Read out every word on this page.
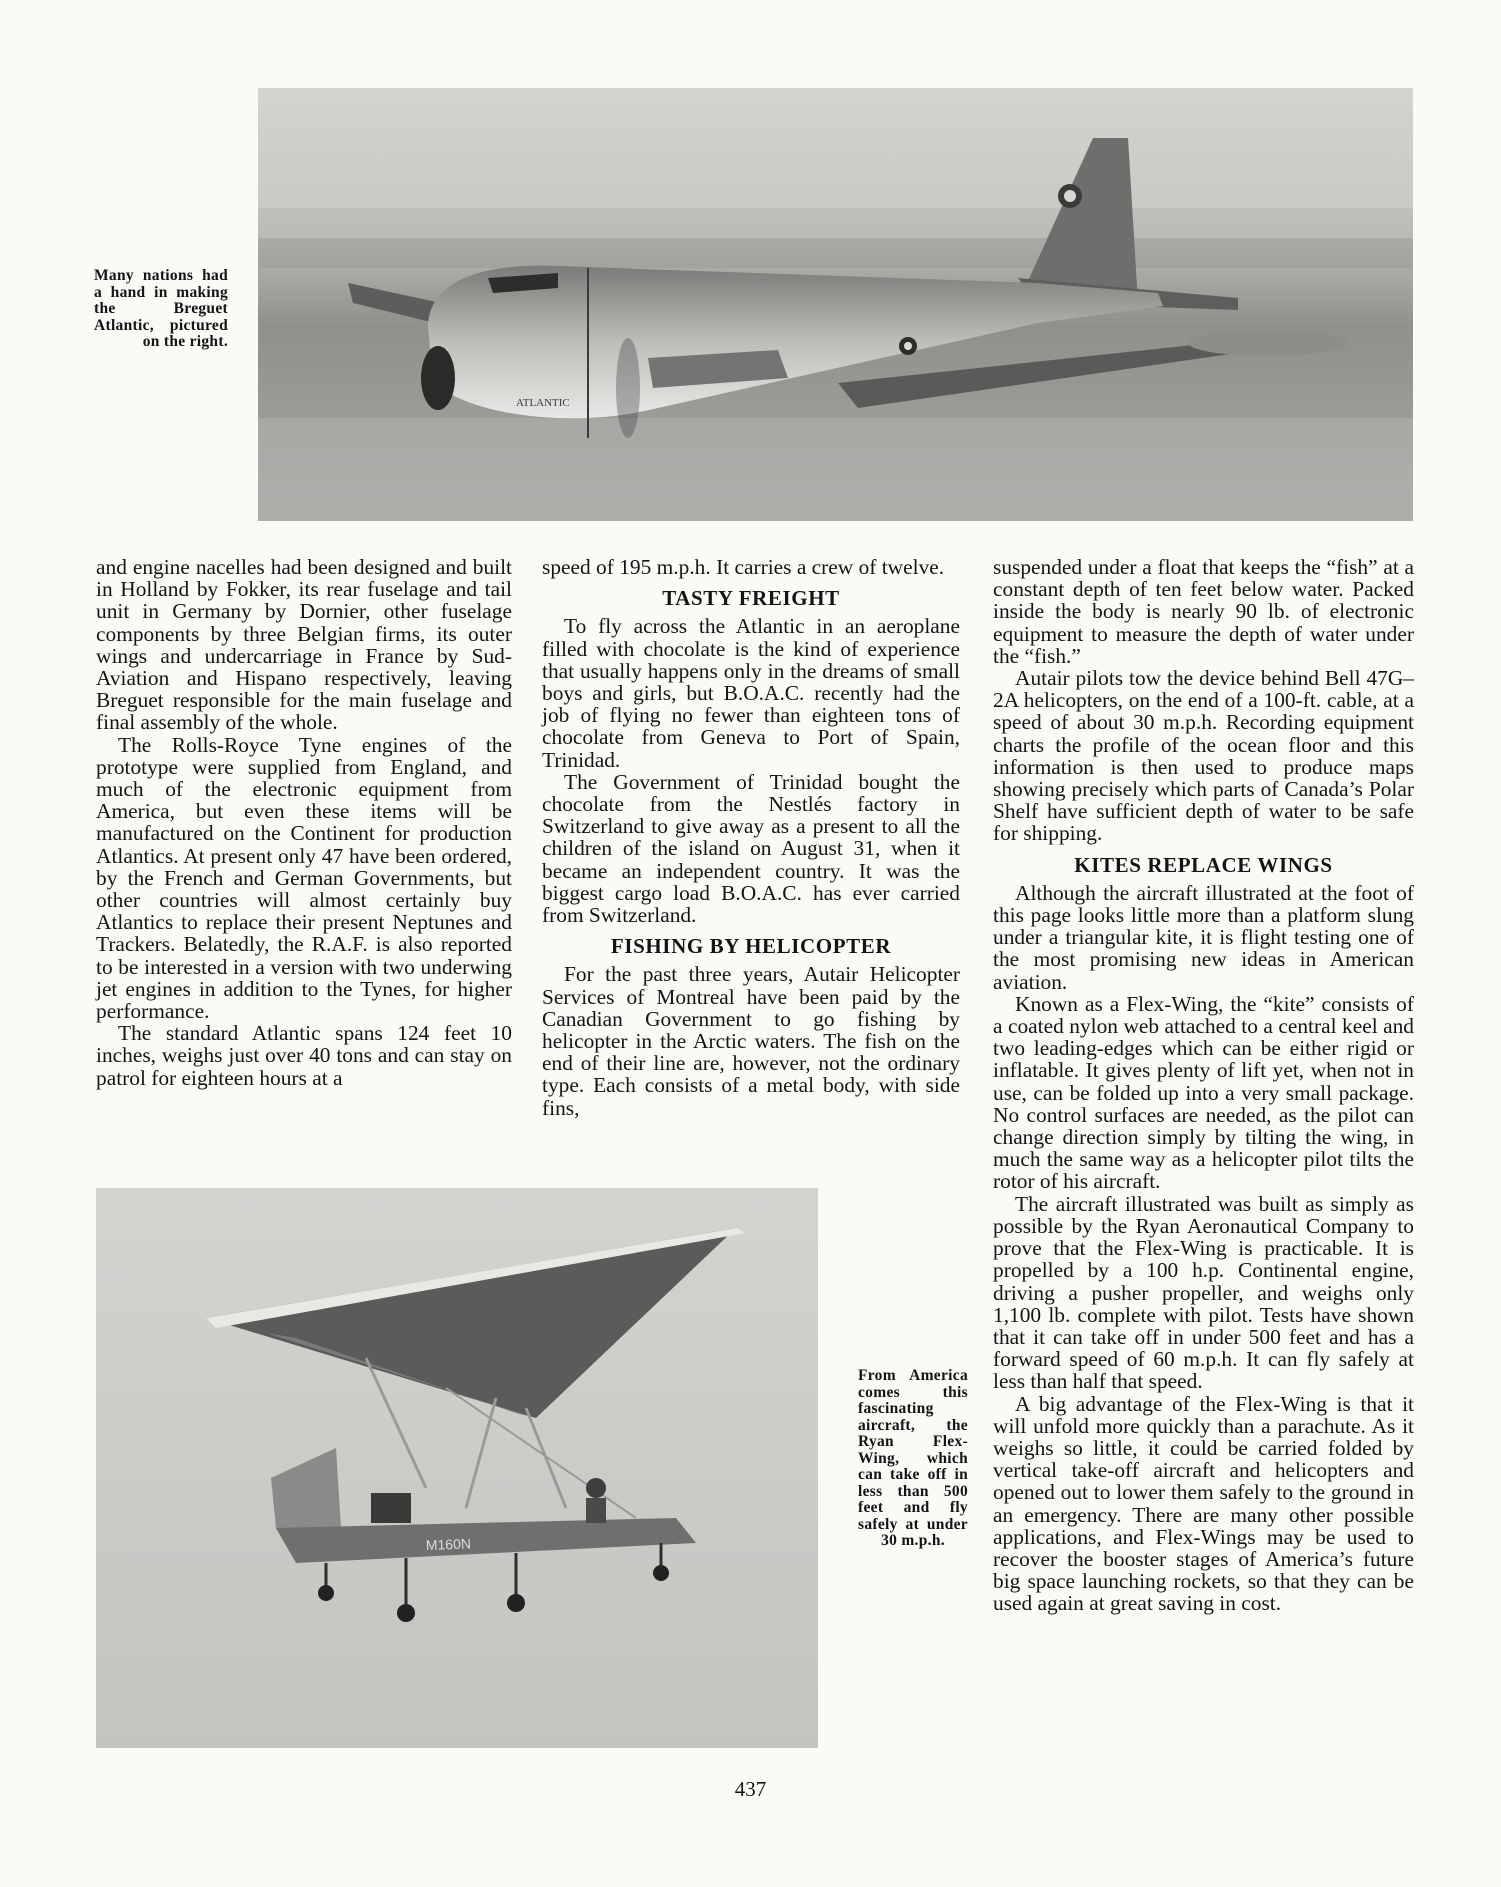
ATLANTIC
Many nations had a hand in making the Breguet Atlantic, pictured on the right.

and engine nacelles had been designed and built in Holland by Fokker, its rear fuselage and tail unit in Germany by Dornier, other fuselage components by three Belgian firms, its outer wings and undercarriage in France by Sud-Aviation and Hispano respectively, leaving Breguet responsible for the main fuselage and final assembly of the whole.

The Rolls-Royce Tyne engines of the prototype were supplied from England, and much of the electronic equipment from America, but even these items will be manufactured on the Continent for production Atlantics. At present only 47 have been ordered, by the French and German Governments, but other countries will almost certainly buy Atlantics to replace their present Neptunes and Trackers. Belatedly, the R.A.F. is also reported to be interested in a version with two underwing jet engines in addition to the Tynes, for higher performance.

The standard Atlantic spans 124 feet 10 inches, weighs just over 40 tons and can stay on patrol for eighteen hours at a

speed of 195 m.p.h. It carries a crew of twelve.

TASTY FREIGHT

To fly across the Atlantic in an aeroplane filled with chocolate is the kind of experience that usually happens only in the dreams of small boys and girls, but B.O.A.C. recently had the job of flying no fewer than eighteen tons of chocolate from Geneva to Port of Spain, Trinidad.

The Government of Trinidad bought the chocolate from the Nestlés factory in Switzerland to give away as a present to all the children of the island on August 31, when it became an independent country. It was the biggest cargo load B.O.A.C. has ever carried from Switzerland.

FISHING BY HELICOPTER

For the past three years, Autair Helicopter Services of Montreal have been paid by the Canadian Government to go fishing by helicopter in the Arctic waters. The fish on the end of their line are, however, not the ordinary type. Each consists of a metal body, with side fins,

suspended under a float that keeps the “fish” at a constant depth of ten feet below water. Packed inside the body is nearly 90 lb. of electronic equipment to measure the depth of water under the “fish.”

Autair pilots tow the device behind Bell 47G–2A helicopters, on the end of a 100-ft. cable, at a speed of about 30 m.p.h. Recording equipment charts the profile of the ocean floor and this information is then used to produce maps showing precisely which parts of Canada’s Polar Shelf have sufficient depth of water to be safe for shipping.

KITES REPLACE WINGS

Although the aircraft illustrated at the foot of this page looks little more than a platform slung under a triangular kite, it is flight testing one of the most promising new ideas in American aviation.

Known as a Flex-Wing, the “kite” consists of a coated nylon web attached to a central keel and two leading-edges which can be either rigid or inflatable. It gives plenty of lift yet, when not in use, can be folded up into a very small package. No control surfaces are needed, as the pilot can change direction simply by tilting the wing, in much the same way as a helicopter pilot tilts the rotor of his aircraft.

The aircraft illustrated was built as simply as possible by the Ryan Aeronautical Company to prove that the Flex-Wing is practicable. It is propelled by a 100 h.p. Continental engine, driving a pusher propeller, and weighs only 1,100 lb. complete with pilot. Tests have shown that it can take off in under 500 feet and has a forward speed of 60 m.p.h. It can fly safely at less than half that speed.

A big advantage of the Flex-Wing is that it will unfold more quickly than a parachute. As it weighs so little, it could be carried folded by vertical take-off aircraft and helicopters and opened out to lower them safely to the ground in an emergency. There are many other possible applications, and Flex-Wings may be used to recover the booster stages of America’s future big space launching rockets, so that they can be used again at great saving in cost.

M160N
From America comes this fascinating aircraft, the Ryan Flex-Wing, which can take off in less than 500 feet and fly safely at under 30 m.p.h.
437
